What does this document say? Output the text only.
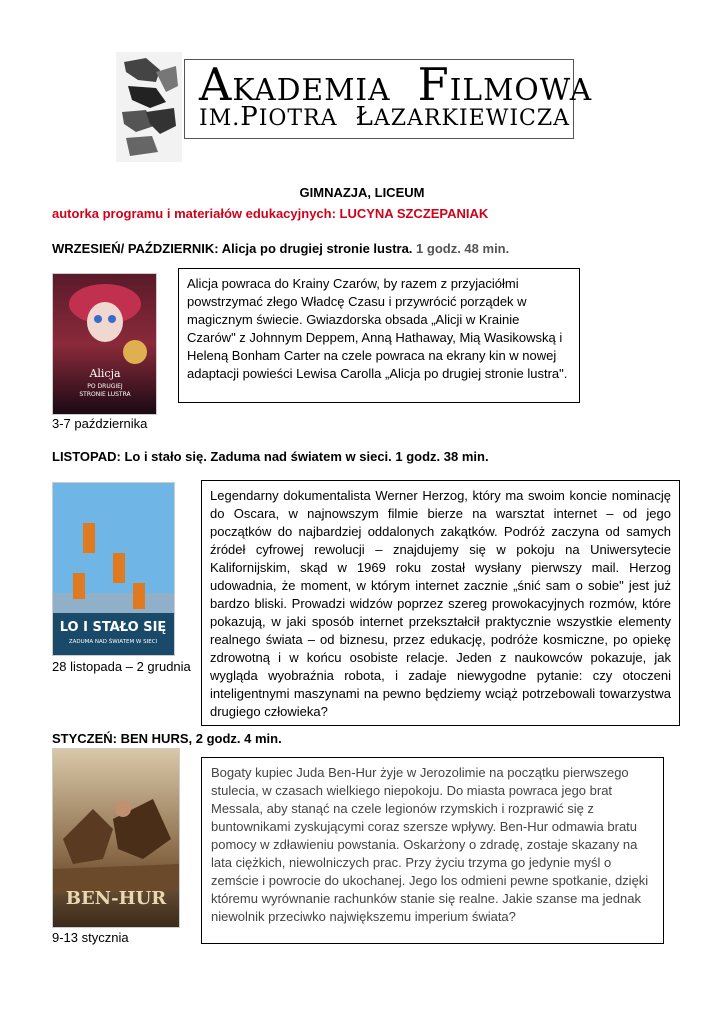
AKADEMIA FILMOWA
IM.PIOTRA ŁAZARKIEWICZA
GIMNAZJA, LICEUM
autorka programu i materiałów edukacyjnych: LUCYNA SZCZEPANIAK
WRZESIEŃ/ PAŹDZIERNIK: Alicja po drugiej stronie lustra. 1 godz. 48 min.
Alicja
PO DRUGIEJ
STRONIE LUSTRA
3-7 października

Alicja powraca do Krainy Czarów, by razem z przyjaciółmi powstrzymać złego Władcę Czasu i przywrócić porządek w magicznym świecie. Gwiazdorska obsada „Alicji w Krainie Czarów" z Johnnym Deppem, Anną Hathaway, Mią Wasikowską i Heleną Bonham Carter na czele powraca na ekrany kin w nowej adaptacji powieści Lewisa Carolla „Alicja po drugiej stronie lustra".

LISTOPAD: Lo i stało się. Zaduma nad światem w sieci. 1 godz. 38 min.
LO I STAŁO SIĘ
ZADUMA NAD ŚWIATEM W SIECI
28 listopada – 2 grudnia

Legendarny dokumentalista Werner Herzog, który ma swoim koncie nominację do Oscara, w najnowszym filmie bierze na warsztat internet – od jego początków do najbardziej oddalonych zakątków. Podróż zaczyna od samych źródeł cyfrowej rewolucji – znajdujemy się w pokoju na Uniwersytecie Kalifornijskim, skąd w 1969 roku został wysłany pierwszy mail. Herzog udowadnia, że moment, w którym internet zacznie „śnić sam o sobie" jest już bardzo bliski. Prowadzi widzów poprzez szereg prowokacyjnych rozmów, które pokazują, w jaki sposób internet przekształcił praktycznie wszystkie elementy realnego świata – od biznesu, przez edukację, podróże kosmiczne, po opiekę zdrowotną i w końcu osobiste relacje. Jeden z naukowców pokazuje, jak wygląda wyobraźnia robota, i zadaje niewygodne pytanie: czy otoczeni inteligentnymi maszynami na pewno będziemy wciąż potrzebowali towarzystwa drugiego człowieka?

STYCZEŃ: BEN HURS, 2 godz. 4 min.
BEN-HUR
9-13 stycznia

Bogaty kupiec Juda Ben-Hur żyje w Jerozolimie na początku pierwszego stulecia, w czasach wielkiego niepokoju. Do miasta powraca jego brat Messala, aby stanąć na czele legionów rzymskich i rozprawić się z buntownikami zyskującymi coraz szersze wpływy. Ben-Hur odmawia bratu pomocy w zdławieniu powstania. Oskarżony o zdradę, zostaje skazany na lata ciężkich, niewolniczych prac. Przy życiu trzyma go jedynie myśl o zemście i powrocie do ukochanej. Jego los odmieni pewne spotkanie, dzięki któremu wyrównanie rachunków stanie się realne. Jakie szanse ma jednak niewolnik przeciwko największemu imperium świata?
